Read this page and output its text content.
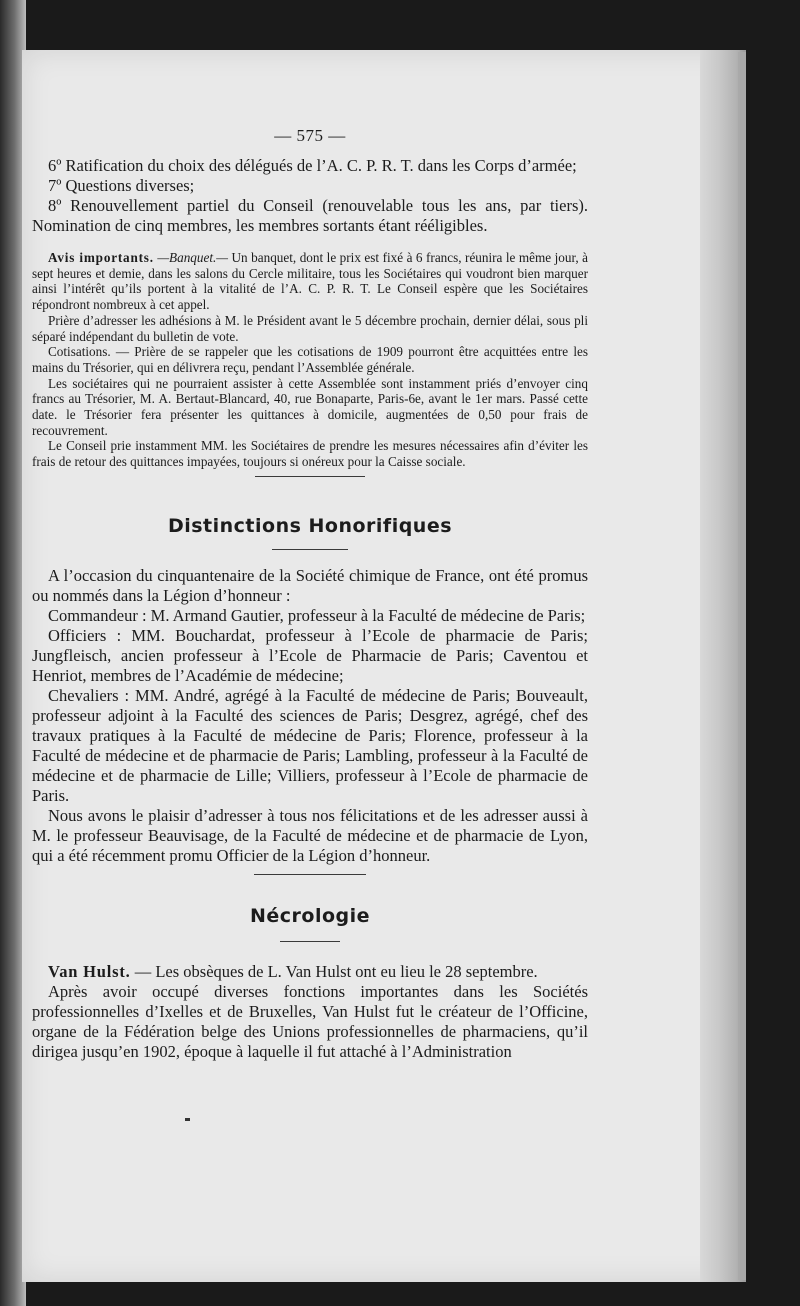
— 575 —

6º Ratification du choix des délégués de l’A. C. P. R. T. dans les Corps d’armée;

7º Questions diverses;

8º Renouvellement partiel du Conseil (renouvelable tous les ans, par tiers). Nomination de cinq membres, les membres sortants étant rééligibles.

Avis importants. —Banquet.— Un banquet, dont le prix est fixé à 6 francs, réunira le même jour, à sept heures et demie, dans les salons du Cercle militaire, tous les Sociétaires qui voudront bien marquer ainsi l’intérêt qu’ils portent à la vitalité de l’A. C. P. R. T. Le Conseil espère que les Sociétaires répondront nombreux à cet appel.

Prière d’adresser les adhésions à M. le Président avant le 5 décembre prochain, dernier délai, sous pli séparé indépendant du bulletin de vote.

Cotisations. — Prière de se rappeler que les cotisations de 1909 pourront être acquittées entre les mains du Trésorier, qui en délivrera reçu, pendant l’Assemblée générale.

Les sociétaires qui ne pourraient assister à cette Assemblée sont instamment priés d’envoyer cinq francs au Trésorier, M. A. Bertaut-Blancard, 40, rue Bonaparte, Paris-6e, avant le 1er mars. Passé cette date. le Trésorier fera présenter les quittances à domicile, augmentées de 0,50 pour frais de recouvrement.

Le Conseil prie instamment MM. les Sociétaires de prendre les mesures nécessaires afin d’éviter les frais de retour des quittances impayées, toujours si onéreux pour la Caisse sociale.

Distinctions Honorifiques

A l’occasion du cinquantenaire de la Société chimique de France, ont été promus ou nommés dans la Légion d’honneur :

Commandeur : M. Armand Gautier, professeur à la Faculté de médecine de Paris;

Officiers : MM. Bouchardat, professeur à l’Ecole de pharmacie de Paris; Jungfleisch, ancien professeur à l’Ecole de Pharmacie de Paris; Caventou et Henriot, membres de l’Académie de médecine;

Chevaliers : MM. André, agrégé à la Faculté de médecine de Paris; Bouveault, professeur adjoint à la Faculté des sciences de Paris; Desgrez, agrégé, chef des travaux pratiques à la Faculté de médecine de Paris; Florence, professeur à la Faculté de médecine et de pharmacie de Paris; Lambling, professeur à la Faculté de médecine et de pharmacie de Lille; Villiers, professeur à l’Ecole de pharmacie de Paris.

Nous avons le plaisir d’adresser à tous nos félicitations et de les adresser aussi à M. le professeur Beauvisage, de la Faculté de médecine et de pharmacie de Lyon, qui a été récemment promu Officier de la Légion d’honneur.

Nécrologie

Van Hulst. — Les obsèques de L. Van Hulst ont eu lieu le 28 septembre.

Après avoir occupé diverses fonctions importantes dans les Sociétés professionnelles d’Ixelles et de Bruxelles, Van Hulst fut le créateur de l’Officine, organe de la Fédération belge des Unions professionnelles de pharmaciens, qu’il dirigea jusqu’en 1902, époque à laquelle il fut attaché à l’Administration
